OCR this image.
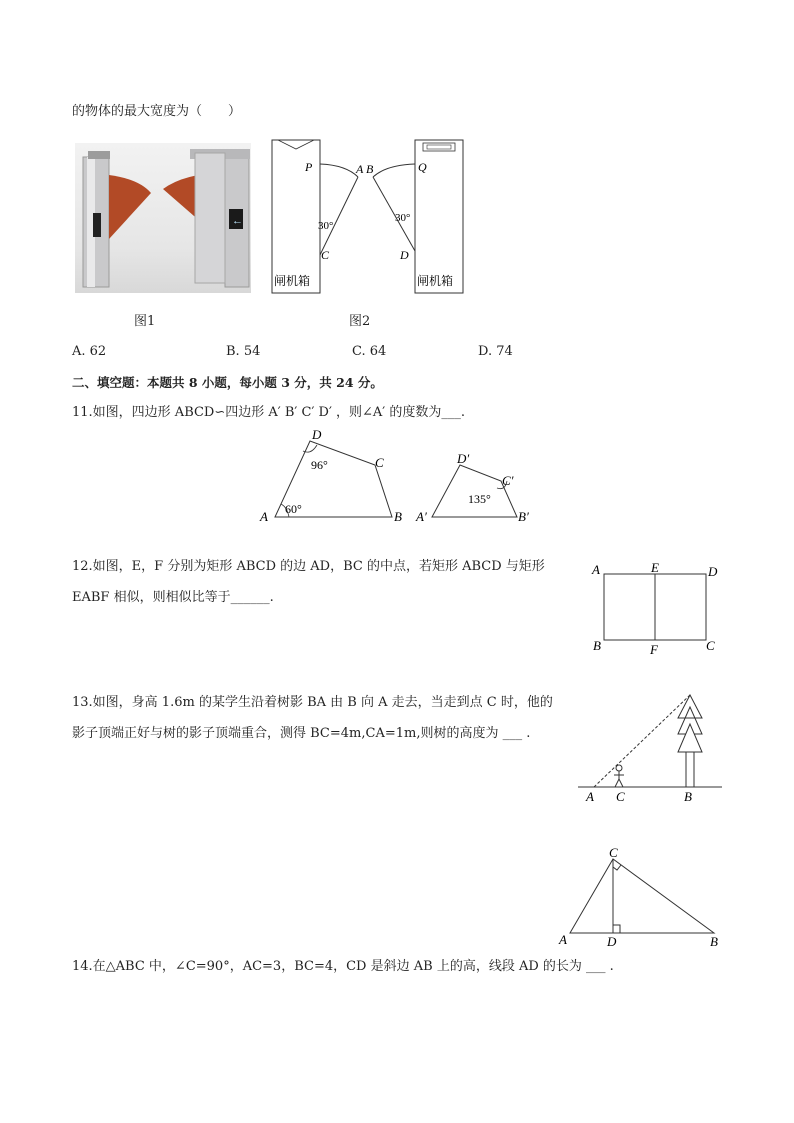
的物体的最大宽度为（　　）
←
图1
P	Q
A B
C	D
30°
30°
闸机箱	闸机箱
图2
A. 62	B. 54	C. 64	D. 74
二、填空题：本题共 8 小题，每小题 3 分，共 24 分。
11.如图，四边形 ABCD∽四边形 A′ B′ C′ D′ ，则∠A′ 的度数为___.
A	B
C
D
96°
60°	A′	B′
C′
D′
135°
12.如图，E，F 分别为矩形 ABCD 的边 AD，BC 的中点，若矩形 ABCD 与矩形
EABF 相似，则相似比等于______.
A	E	D
B	F	C
13.如图，身高 1.6m 的某学生沿着树影 BA 由 B 向 A 走去，当走到点 C 时，他的
影子顶端正好与树的影子顶端重合，测得 BC=4m,CA=1m,则树的高度为 ___ .
A C	B
A	B
C
D
14.在△ABC 中，∠C=90°，AC=3，BC=4，CD 是斜边 AB 上的高，线段 AD 的长为 ___ .
